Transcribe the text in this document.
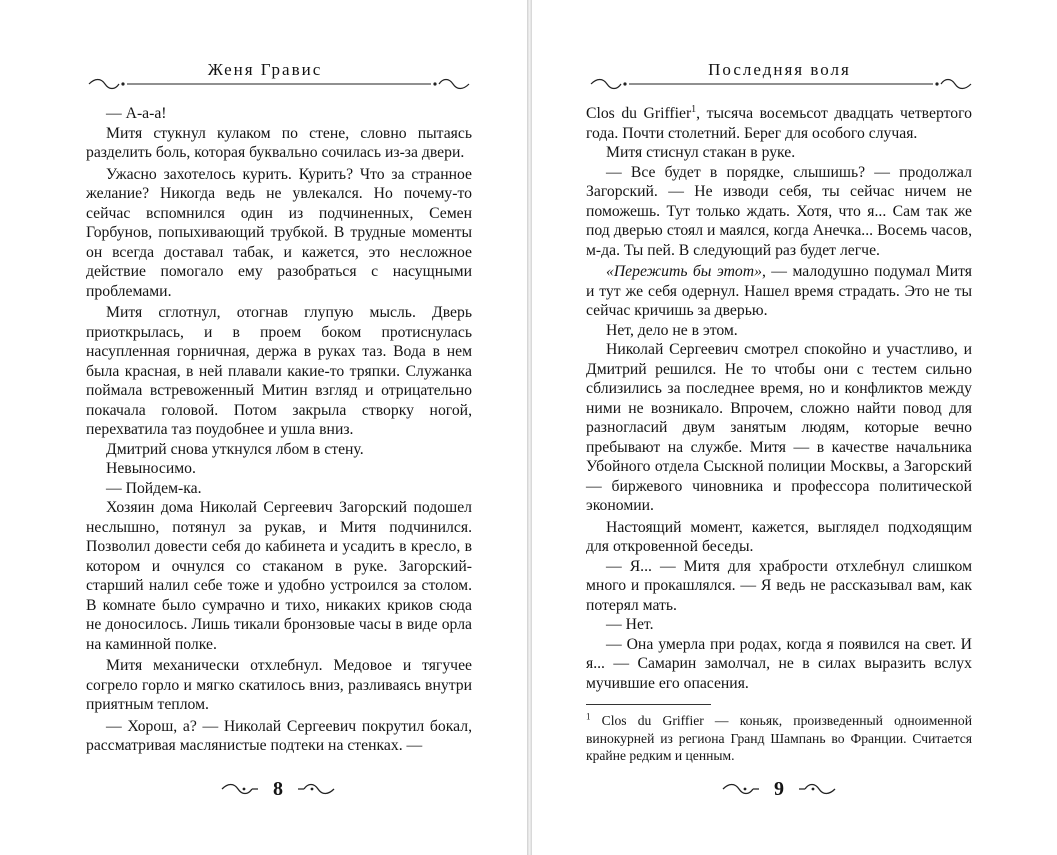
Женя Гравис

— А-а-а!

Митя стукнул кулаком по стене, словно пытаясь разделить боль, которая буквально сочилась из-за двери.

Ужасно захотелось курить. Курить? Что за странное желание? Никогда ведь не увлекался. Но почему-то сейчас вспомнился один из подчиненных, Семен Горбунов, попыхивающий трубкой. В трудные моменты он всегда доставал табак, и кажется, это несложное действие помогало ему разобраться с насущными проблемами.

Митя сглотнул, отогнав глупую мысль. Дверь приоткрылась, и в проем боком протиснулась насупленная горничная, держа в руках таз. Вода в нем была красная, в ней плавали какие-то тряпки. Служанка поймала встревоженный Митин взгляд и отрицательно покачала головой. Потом закрыла створку ногой, перехватила таз поудобнее и ушла вниз.

Дмитрий снова уткнулся лбом в стену.

Невыносимо.

— Пойдем-ка.

Хозяин дома Николай Сергеевич Загорский подошел неслышно, потянул за рукав, и Митя подчинился. Позволил довести себя до кабинета и усадить в кресло, в котором и очнулся со стаканом в руке. Загорский-старший налил себе тоже и удобно устроился за столом. В комнате было сумрачно и тихо, никаких криков сюда не доносилось. Лишь тикали бронзовые часы в виде орла на каминной полке.

Митя механически отхлебнул. Медовое и тягучее согрело горло и мягко скатилось вниз, разливаясь внутри приятным теплом.

— Хорош, а? — Николай Сергеевич покрутил бокал, рассматривая маслянистые подтеки на стенках. —

8
Последняя воля

Clos du Griffier$^1$, тысяча восемьсот двадцать четвертого года. Почти столетний. Берег для особого случая.

Митя стиснул стакан в руке.

— Все будет в порядке, слышишь? — продолжал Загорский. — Не изводи себя, ты сейчас ничем не поможешь. Тут только ждать. Хотя, что я... Сам так же под дверью стоял и маялся, когда Анечка... Восемь часов, м-да. Ты пей. В следующий раз будет легче.

«Пережить бы этот», — малодушно подумал Митя и тут же себя одернул. Нашел время страдать. Это не ты сейчас кричишь за дверью.

Нет, дело не в этом.

Николай Сергеевич смотрел спокойно и участливо, и Дмитрий решился. Не то чтобы они с тестем сильно сблизились за последнее время, но и конфликтов между ними не возникало. Впрочем, сложно найти повод для разногласий двум занятым людям, которые вечно пребывают на службе. Митя — в качестве начальника Убойного отдела Сыскной полиции Москвы, а Загорский — биржевого чиновника и профессора политической экономии.

Настоящий момент, кажется, выглядел подходящим для откровенной беседы.

— Я... — Митя для храбрости отхлебнул слишком много и прокашлялся. — Я ведь не рассказывал вам, как потерял мать.

— Нет.

— Она умерла при родах, когда я появился на свет. И я... — Самарин замолчал, не в силах выразить вслух мучившие его опасения.

$^1$ Clos du Griffier — коньяк, произведенный одноименной винокурней из региона Гранд Шампань во Франции. Считается крайне редким и ценным.

9
